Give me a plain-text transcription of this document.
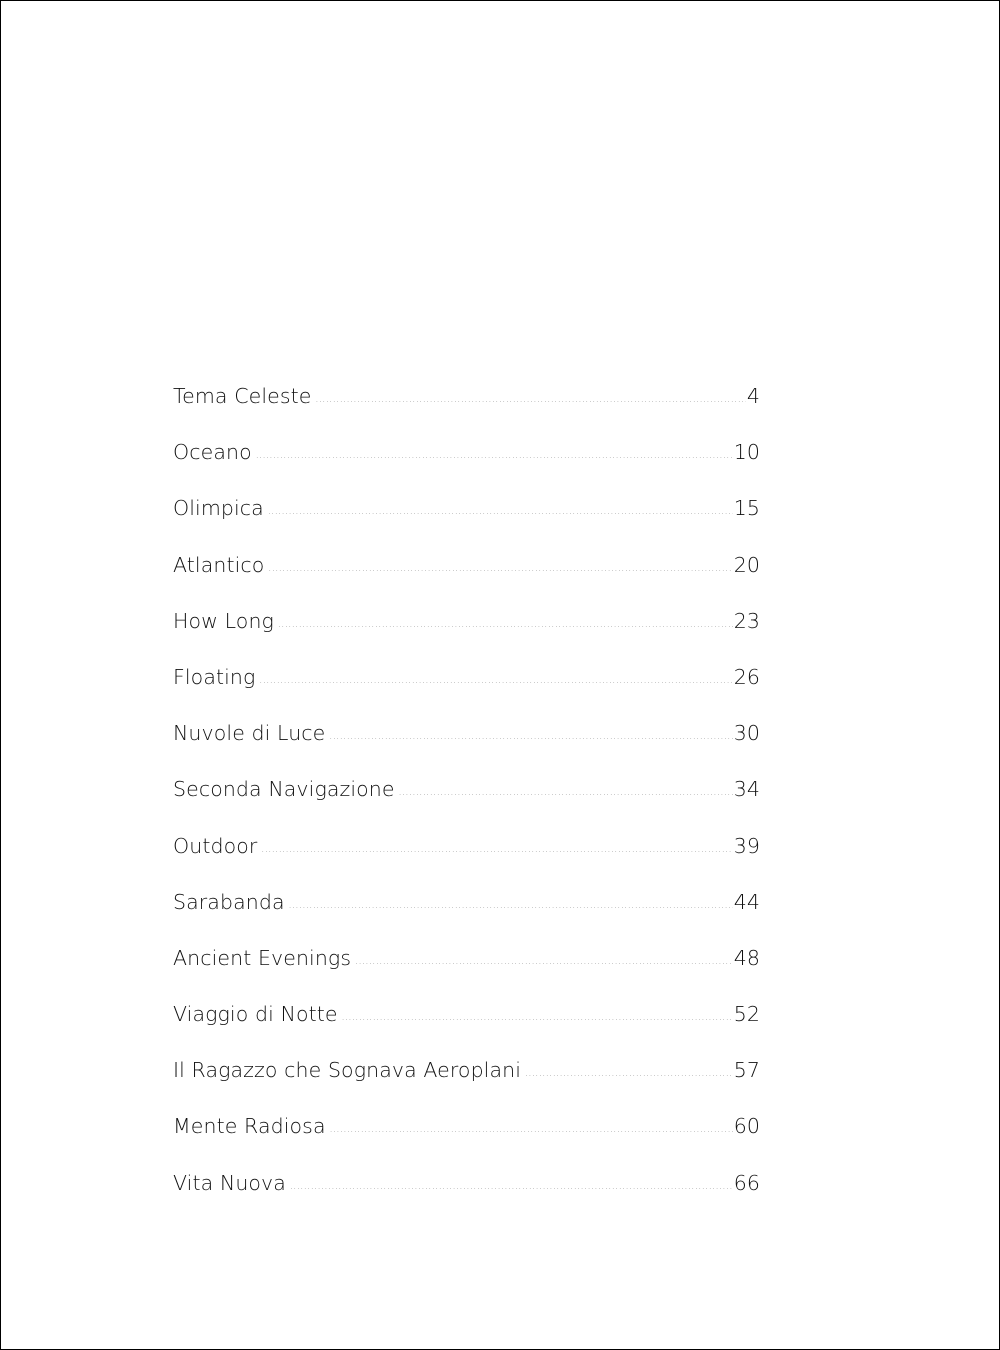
Tema Celeste .....	4
Oceano .....	10
Olimpica .....	15
Atlantico .....	20
How Long .....	23
Floating .....	26
Nuvole di Luce .....	30
Seconda Navigazione .....	34
Outdoor .....	39
Sarabanda .....	44
Ancient Evenings .....	48
Viaggio di Notte .....	52
Il Ragazzo che Sognava Aeroplani .....	57
Mente Radiosa .....	60
Vita Nuova .....	66
